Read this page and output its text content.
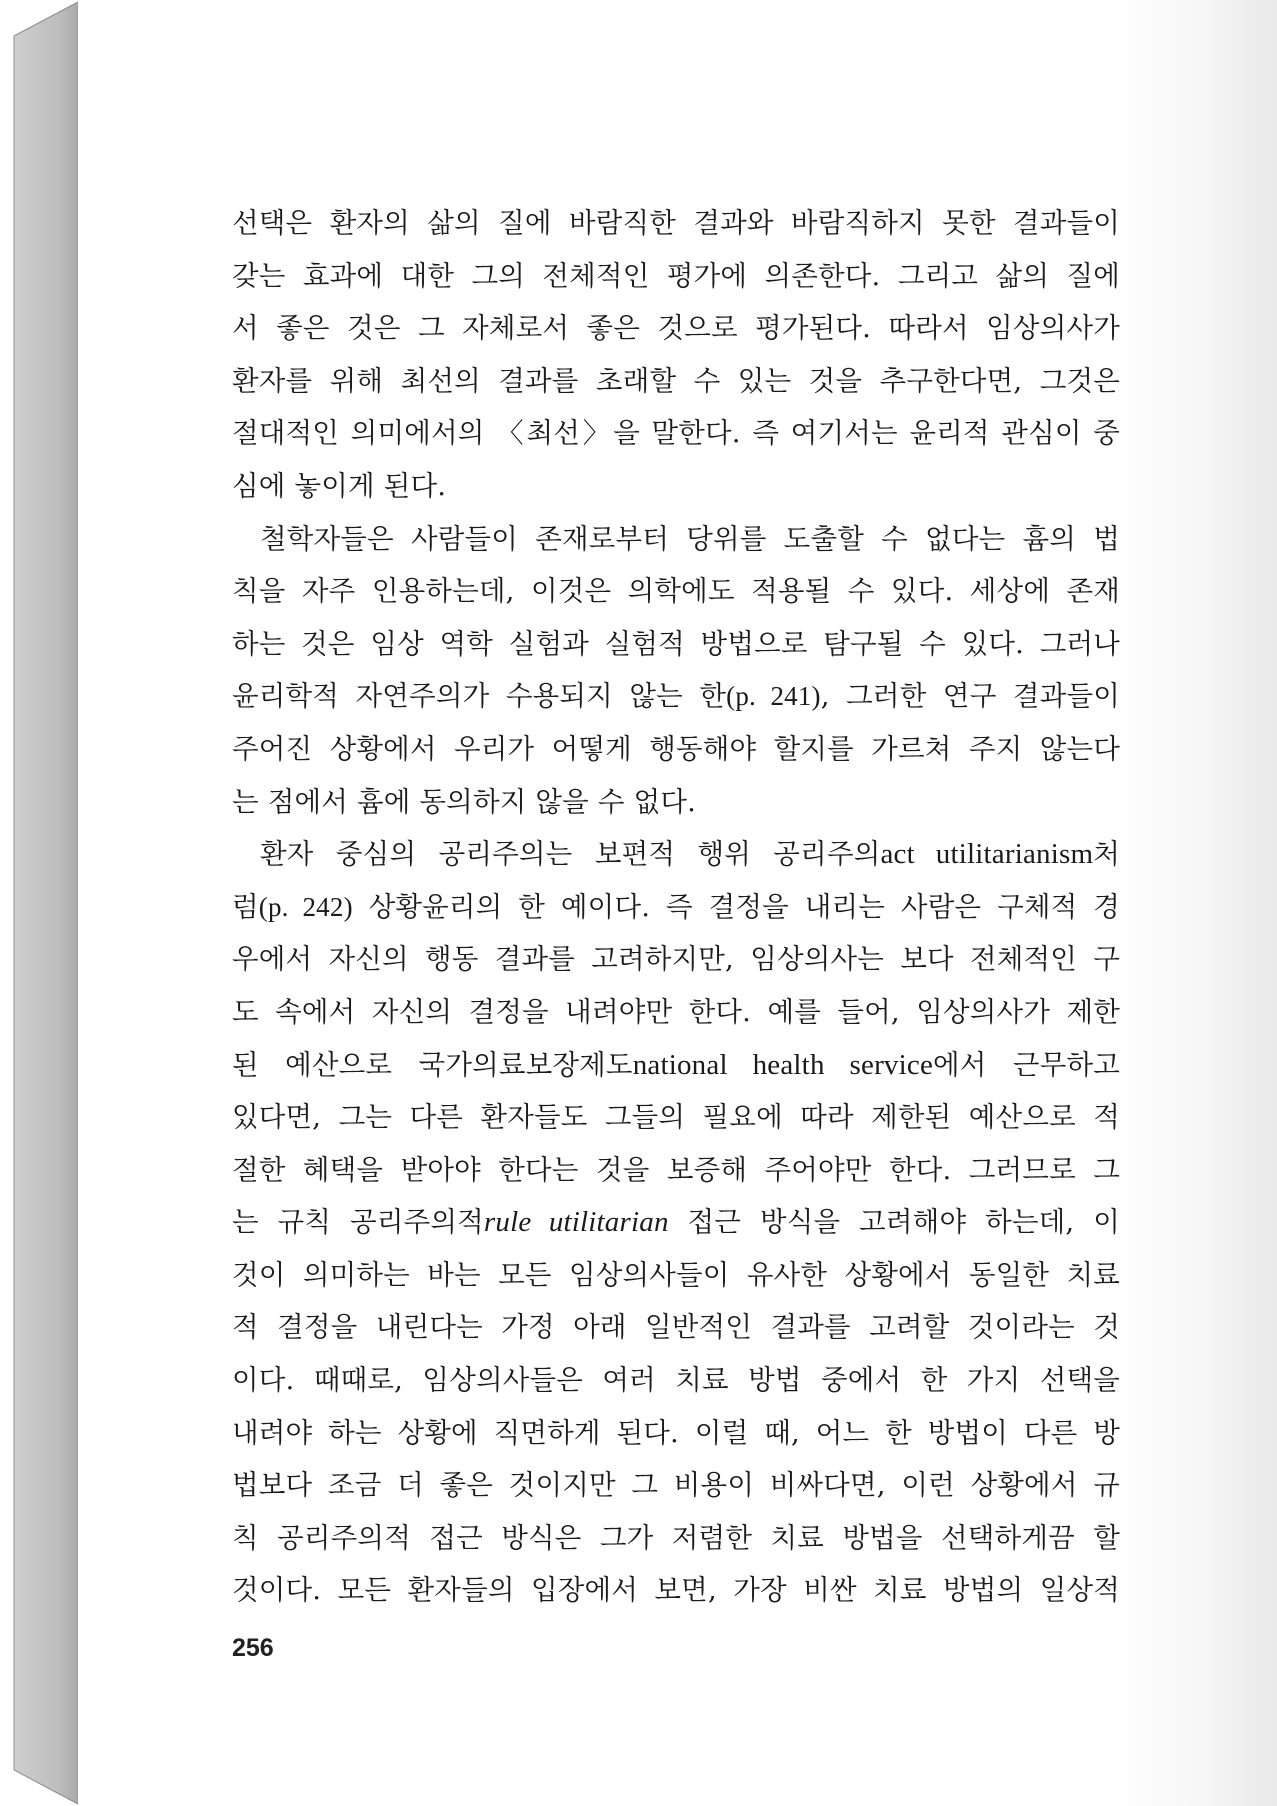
선택은 환자의 삶의 질에 바람직한 결과와 바람직하지 못한 결과들이
갖는 효과에 대한 그의 전체적인 평가에 의존한다. 그리고 삶의 질에
서 좋은 것은 그 자체로서 좋은 것으로 평가된다. 따라서 임상의사가
환자를 위해 최선의 결과를 초래할 수 있는 것을 추구한다면, 그것은
절대적인 의미에서의 〈최선〉을 말한다. 즉 여기서는 윤리적 관심이 중
심에 놓이게 된다.
철학자들은 사람들이 존재로부터 당위를 도출할 수 없다는 흄의 법
칙을 자주 인용하는데, 이것은 의학에도 적용될 수 있다. 세상에 존재
하는 것은 임상 역학 실험과 실험적 방법으로 탐구될 수 있다. 그러나
윤리학적 자연주의가 수용되지 않는 한(p. 241), 그러한 연구 결과들이
주어진 상황에서 우리가 어떻게 행동해야 할지를 가르쳐 주지 않는다
는 점에서 흄에 동의하지 않을 수 없다.
환자 중심의 공리주의는 보편적 행위 공리주의act utilitarianism처
럼(p. 242) 상황윤리의 한 예이다. 즉 결정을 내리는 사람은 구체적 경
우에서 자신의 행동 결과를 고려하지만, 임상의사는 보다 전체적인 구
도 속에서 자신의 결정을 내려야만 한다. 예를 들어, 임상의사가 제한
된 예산으로 국가의료보장제도national health service에서 근무하고
있다면, 그는 다른 환자들도 그들의 필요에 따라 제한된 예산으로 적
절한 혜택을 받아야 한다는 것을 보증해 주어야만 한다. 그러므로 그
는 규칙 공리주의적rule utilitarian 접근 방식을 고려해야 하는데, 이
것이 의미하는 바는 모든 임상의사들이 유사한 상황에서 동일한 치료
적 결정을 내린다는 가정 아래 일반적인 결과를 고려할 것이라는 것
이다. 때때로, 임상의사들은 여러 치료 방법 중에서 한 가지 선택을
내려야 하는 상황에 직면하게 된다. 이럴 때, 어느 한 방법이 다른 방
법보다 조금 더 좋은 것이지만 그 비용이 비싸다면, 이런 상황에서 규
칙 공리주의적 접근 방식은 그가 저렴한 치료 방법을 선택하게끔 할
것이다. 모든 환자들의 입장에서 보면, 가장 비싼 치료 방법의 일상적
256
